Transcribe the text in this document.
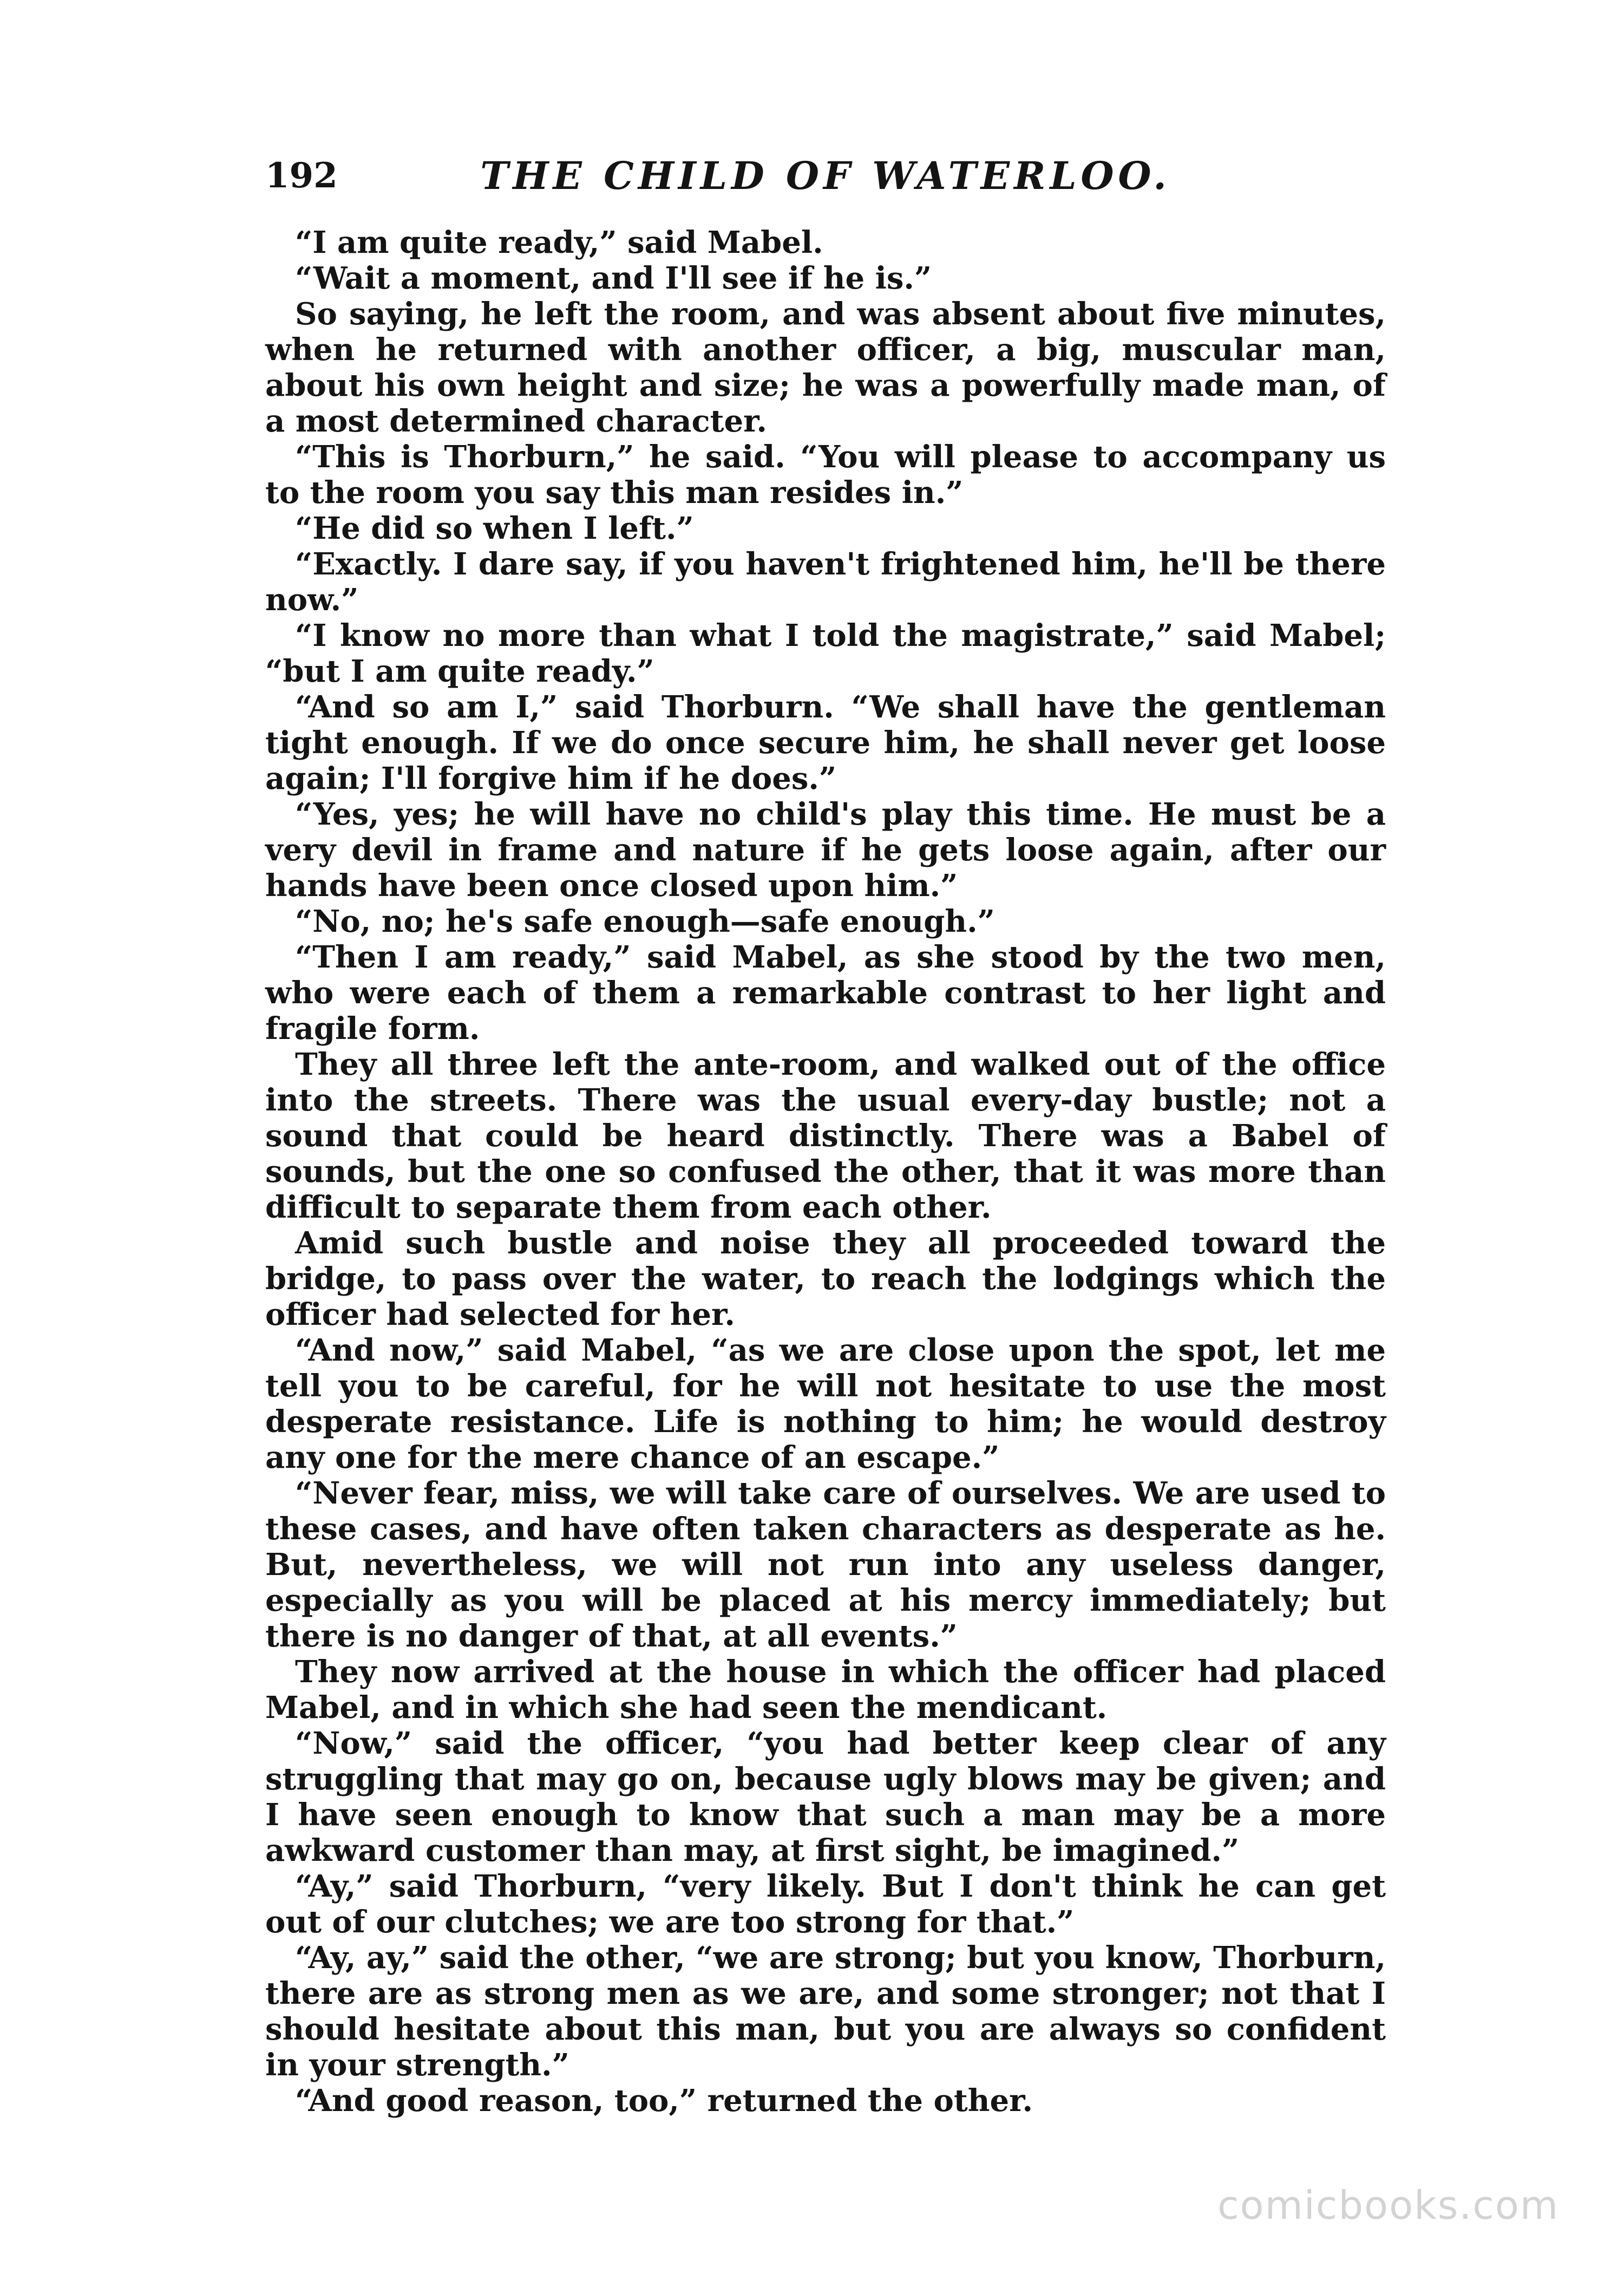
192	THE CHILD OF WATERLOO.

“I am quite ready,” said Mabel.

“Wait a moment, and I'll see if he is.”

So saying, he left the room, and was absent about five minutes, when he returned with another officer, a big, muscular man, about his own height and size; he was a powerfully made man, of a most determined character.

“This is Thorburn,” he said. “You will please to accompany us to the room you say this man resides in.”

“He did so when I left.”

“Exactly. I dare say, if you haven't frightened him, he'll be there now.”

“I know no more than what I told the magistrate,” said Mabel; “but I am quite ready.”

“And so am I,” said Thorburn. “We shall have the gentleman tight enough. If we do once secure him, he shall never get loose again; I'll forgive him if he does.”

“Yes, yes; he will have no child's play this time. He must be a very devil in frame and nature if he gets loose again, after our hands have been once closed upon him.”

“No, no; he's safe enough—safe enough.”

“Then I am ready,” said Mabel, as she stood by the two men, who were each of them a remarkable contrast to her light and fragile form.

They all three left the ante-room, and walked out of the office into the streets. There was the usual every-day bustle; not a sound that could be heard distinctly. There was a Babel of sounds, but the one so confused the other, that it was more than difficult to separate them from each other.

Amid such bustle and noise they all proceeded toward the bridge, to pass over the water, to reach the lodgings which the officer had selected for her.

“And now,” said Mabel, “as we are close upon the spot, let me tell you to be careful, for he will not hesitate to use the most desperate resistance. Life is nothing to him; he would destroy any one for the mere chance of an escape.”

“Never fear, miss, we will take care of ourselves. We are used to these cases, and have often taken characters as desperate as he. But, nevertheless, we will not run into any useless danger, especially as you will be placed at his mercy immediately; but there is no danger of that, at all events.”

They now arrived at the house in which the officer had placed Mabel, and in which she had seen the mendicant.

“Now,” said the officer, “you had better keep clear of any struggling that may go on, because ugly blows may be given; and I have seen enough to know that such a man may be a more awkward customer than may, at first sight, be imagined.”

“Ay,” said Thorburn, “very likely. But I don't think he can get out of our clutches; we are too strong for that.”

“Ay, ay,” said the other, “we are strong; but you know, Thorburn, there are as strong men as we are, and some stronger; not that I should hesitate about this man, but you are always so confident in your strength.”

“And good reason, too,” returned the other.

comicbooks.com
